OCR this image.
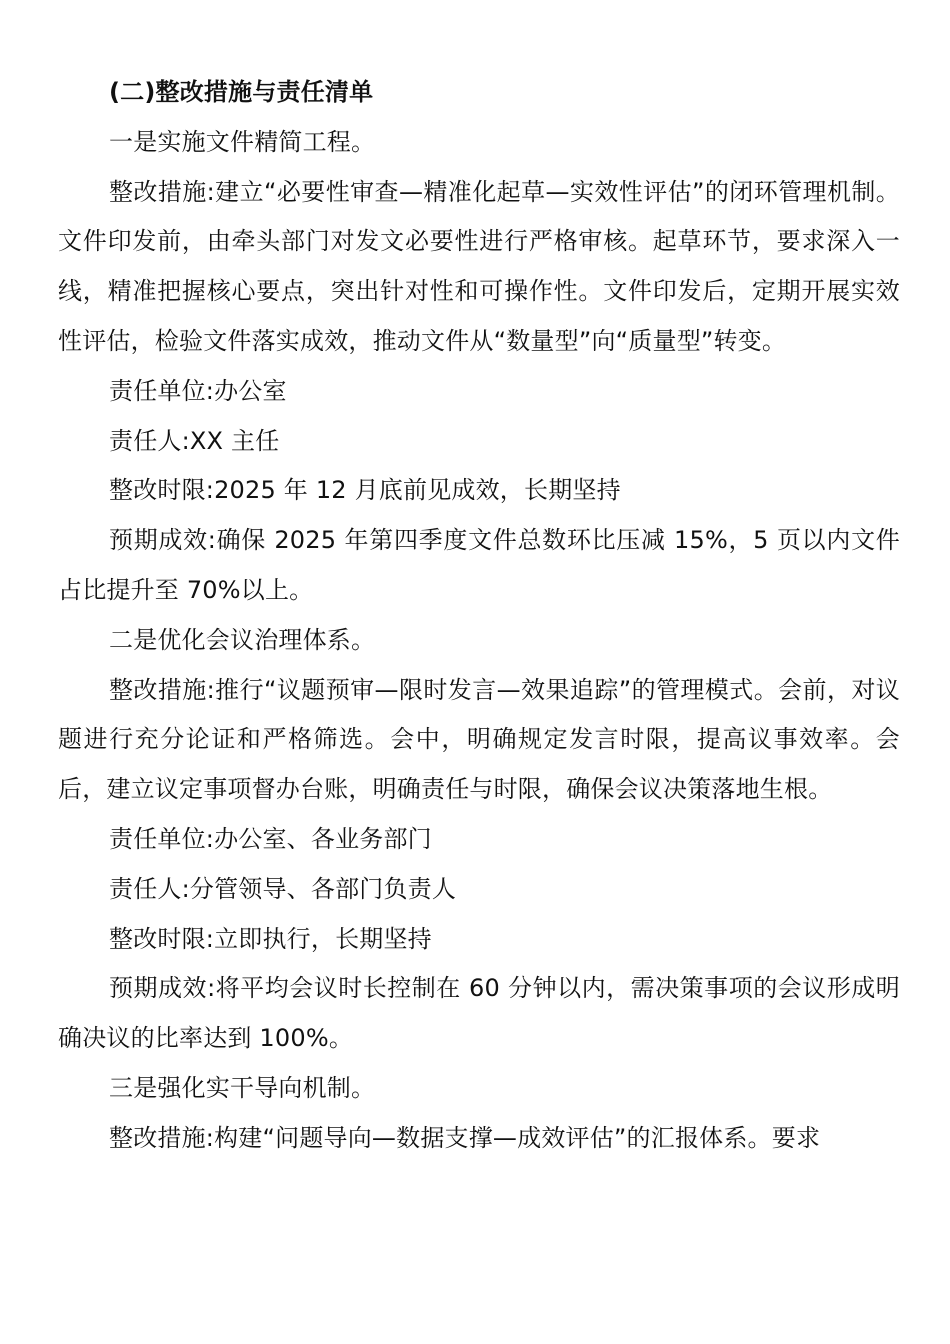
(二)整改措施与责任清单

一是实施文件精简工程。

整改措施:建立“必要性审查—精准化起草—实效性评估”的闭环管理机制。文件印发前，由牵头部门对发文必要性进行严格审核。起草环节，要求深入一线，精准把握核心要点，突出针对性和可操作性。文件印发后，定期开展实效性评估，检验文件落实成效，推动文件从“数量型”向“质量型”转变。

责任单位:办公室

责任人:XX 主任

整改时限:2025 年 12 月底前见成效，长期坚持

预期成效:确保 2025 年第四季度文件总数环比压减 15%，5 页以内文件占比提升至 70%以上。

二是优化会议治理体系。

整改措施:推行“议题预审—限时发言—效果追踪”的管理模式。会前，对议题进行充分论证和严格筛选。会中，明确规定发言时限，提高议事效率。会后，建立议定事项督办台账，明确责任与时限，确保会议决策落地生根。

责任单位:办公室、各业务部门

责任人:分管领导、各部门负责人

整改时限:立即执行，长期坚持

预期成效:将平均会议时长控制在 60 分钟以内，需决策事项的会议形成明确决议的比率达到 100%。

三是强化实干导向机制。

整改措施:构建“问题导向—数据支撑—成效评估”的汇报体系。要求
